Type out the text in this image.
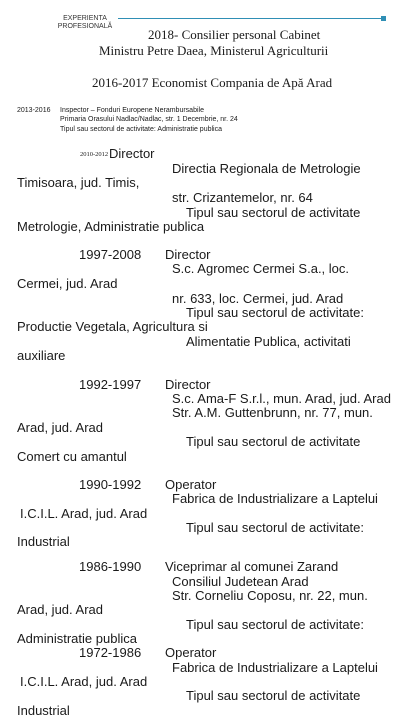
EXPERIENTA
PROFESIONALĂ
2018- Consilier personal Cabinet
Ministru Petre Daea, Ministerul Agriculturii
2016-2017 Economist Compania de Apă Arad
2013-2016 Inspector – Fonduri Europene Nerambursabile
Primaria Orasului Nadlac/Nadlac, str. 1 Decembrie, nr. 24
Tipul sau sectorul de activitate: Administratie publica
2010-2012 Director
Directia Regionala de Metrologie
Timisoara, jud. Timis,
str. Crizantemelor, nr. 64
Tipul sau sectorul de activitate
Metrologie, Administratie publica
1997-2008 Director
S.c. Agromec Cermei S.a., loc.
Cermei, jud. Arad
nr. 633, loc. Cermei, jud. Arad
Tipul sau sectorul de activitate:
Productie Vegetala, Agricultura si
Alimentatie Publica, activitati
auxiliare
1992-1997 Director
S.c. Ama-F S.r.l., mun. Arad, jud. Arad
Str. A.M. Guttenbrunn, nr. 77, mun.
Arad, jud. Arad
Tipul sau sectorul de activitate
Comert cu amantul
1990-1992 Operator
Fabrica de Industrializare a Laptelui
I.C.I.L. Arad, jud. Arad
Tipul sau sectorul de activitate:
Industrial
1986-1990 Viceprimar al comunei Zarand
Consiliul Judetean Arad
Str. Corneliu Coposu, nr. 22, mun.
Arad, jud. Arad
Tipul sau sectorul de activitate:
Administratie publica
1972-1986 Operator
Fabrica de Industrializare a Laptelui
I.C.I.L. Arad, jud. Arad
Tipul sau sectorul de activitate
Industrial
